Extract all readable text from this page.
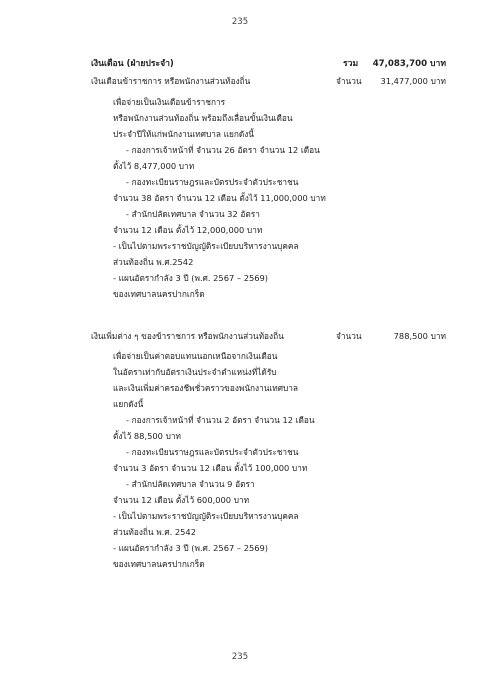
235
235
เงินเดือน (ฝ่ายประจำ)	รวม	47,083,700 บาท
เงินเดือนข้าราชการ หรือพนักงานส่วนท้องถิ่น	จำนวน	31,477,000 บาท
เพื่อจ่ายเป็นเงินเดือนข้าราชการ
หรือพนักงานส่วนท้องถิ่น พร้อมถึงเลื่อนขั้นเงินเดือน
ประจำปีให้แก่พนักงานเทศบาล แยกดังนี้
- กองการเจ้าหน้าที่ จำนวน 26 อัตรา จำนวน 12 เดือน
ตั้งไว้ 8,477,000 บาท
- กองทะเบียนราษฎรและบัตรประจำตัวประชาชน
จำนวน 38 อัตรา จำนวน 12 เดือน ตั้งไว้ 11,000,000 บาท
- สำนักปลัดเทศบาล จำนวน 32 อัตรา
จำนวน 12 เดือน ตั้งไว้ 12,000,000 บาท
- เป็นไปตามพระราชบัญญัติระเบียบบริหารงานบุคคล
ส่วนท้องถิ่น พ.ศ.2542
- แผนอัตรากำลัง 3 ปี (พ.ศ. 2567 – 2569)
ของเทศบาลนครปากเกร็ด
เงินเพิ่มต่าง ๆ ของข้าราชการ หรือพนักงานส่วนท้องถิ่น	จำนวน	788,500 บาท
เพื่อจ่ายเป็นค่าตอบแทนนอกเหนือจากเงินเดือน
ในอัตราเท่ากับอัตราเงินประจำตำแหน่งที่ได้รับ
และเงินเพิ่มค่าครองชีพชั่วคราวของพนักงานเทศบาล
แยกดังนี้
- กองการเจ้าหน้าที่ จำนวน 2 อัตรา จำนวน 12 เดือน
ตั้งไว้ 88,500 บาท
- กองทะเบียนราษฎรและบัตรประจำตัวประชาชน
จำนวน 3 อัตรา จำนวน 12 เดือน ตั้งไว้ 100,000 บาท
- สำนักปลัดเทศบาล จำนวน 9 อัตรา
จำนวน 12 เดือน ตั้งไว้ 600,000 บาท
- เป็นไปตามพระราชบัญญัติระเบียบบริหารงานบุคคล
ส่วนท้องถิ่น พ.ศ. 2542
- แผนอัตรากำลัง 3 ปี (พ.ศ. 2567 – 2569)
ของเทศบาลนครปากเกร็ด
